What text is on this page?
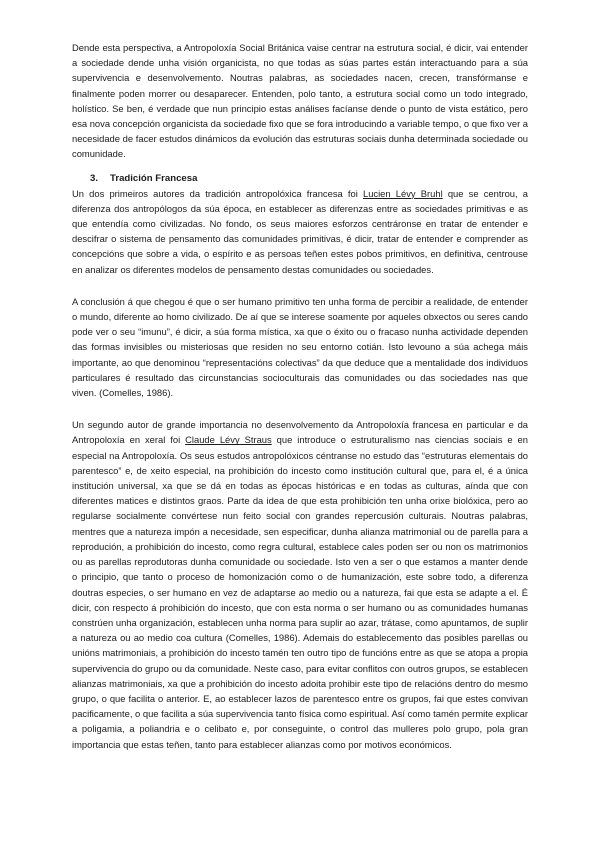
Dende esta perspectiva, a Antropoloxía Social Británica vaise centrar na estrutura social, é dicir, vai entender a sociedade dende unha visión organicista, no que todas as súas partes están interactuando para a súa supervivencia e desenvolvemento. Noutras palabras, as sociedades nacen, crecen, transfórmanse e finalmente poden morrer ou desaparecer. Entenden, polo tanto, a estrutura social como un todo integrado, holístico. Se ben, é verdade que nun principio estas análises facíanse dende o punto de vista estático, pero esa nova concepción organicista da sociedade fixo que se fora introducindo a variable tempo, o que fixo ver a necesidade de facer estudos dinámicos da evolución das estruturas sociais dunha determinada sociedade ou comunidade.

3. Tradición Francesa

Un dos primeiros autores da tradición antropolóxica francesa foi Lucien Lévy Bruhl que se centrou, a diferenza dos antropólogos da súa época, en establecer as diferenzas entre as sociedades primitivas e as que entendía como civilizadas. No fondo, os seus maiores esforzos centráronse en tratar de entender e descifrar o sistema de pensamento das comunidades primitivas, é dicir, tratar de entender e comprender as concepcións que sobre a vida, o espírito e as persoas teñen estes pobos primitivos, en definitiva, centrouse en analizar os diferentes modelos de pensamento destas comunidades ou sociedades.

A conclusión á que chegou é que o ser humano primitivo ten unha forma de percibir a realidade, de entender o mundo, diferente ao homo civilizado. De aí que se interese soamente por aqueles obxectos ou seres cando pode ver o seu “imunu”, é dicir, a súa forma mística, xa que o éxito ou o fracaso nunha actividade dependen das formas invisibles ou misteriosas que residen no seu entorno cotián. Isto levouno a súa achega máis importante, ao que denominou “representacións colectivas” da que deduce que a mentalidade dos individuos particulares é resultado das circunstancias socioculturais das comunidades ou das sociedades nas que viven. (Comelles, 1986).

Un segundo autor de grande importancia no desenvolvemento da Antropoloxía francesa en particular e da Antropoloxía en xeral foi Claude Lévy Straus que introduce o estruturalismo nas ciencias sociais e en especial na Antropoloxía. Os seus estudos antropolóxicos céntranse no estudo das “estruturas elementais do parentesco” e, de xeito especial, na prohibición do incesto como institución cultural que, para el, é a única institución universal, xa que se dá en todas as épocas históricas e en todas as culturas, aínda que con diferentes matices e distintos graos. Parte da idea de que esta prohibición ten unha orixe biolóxica, pero ao regularse socialmente convértese nun feito social con grandes repercusión culturais. Noutras palabras, mentres que a natureza impón a necesidade, sen especificar, dunha alianza matrimonial ou de parella para a reprodución, a prohibición do incesto, como regra cultural, establece cales poden ser ou non os matrimonios ou as parellas reprodutoras dunha comunidade ou sociedade. Isto ven a ser o que estamos a manter dende o principio, que tanto o proceso de homonización como o de humanización, este sobre todo, a diferenza doutras especies, o ser humano en vez de adaptarse ao medio ou a natureza, fai que esta se adapte a el. É dicir, con respecto á prohibición do incesto, que con esta norma o ser humano ou as comunidades humanas constrúen unha organización, establecen unha norma para suplir ao azar, trátase, como apuntamos, de suplir a natureza ou ao medio coa cultura (Comelles, 1986). Ademais do establecemento das posibles parellas ou unións matrimoniais, a prohibición do incesto tamén ten outro tipo de funcións entre as que se atopa a propia supervivencia do grupo ou da comunidade. Neste caso, para evitar conflitos con outros grupos, se establecen alianzas matrimoniais, xa que a prohibición do incesto adoita prohibir este tipo de relacións dentro do mesmo grupo, o que facilita o anterior. E, ao establecer lazos de parentesco entre os grupos, fai que estes convivan pacificamente, o que facilita a súa supervivencia tanto física como espiritual. Así como tamén permite explicar a poligamia, a poliandria e o celibato e, por conseguinte, o control das mulleres polo grupo, pola gran importancia que estas teñen, tanto para establecer alianzas como por motivos económicos.
